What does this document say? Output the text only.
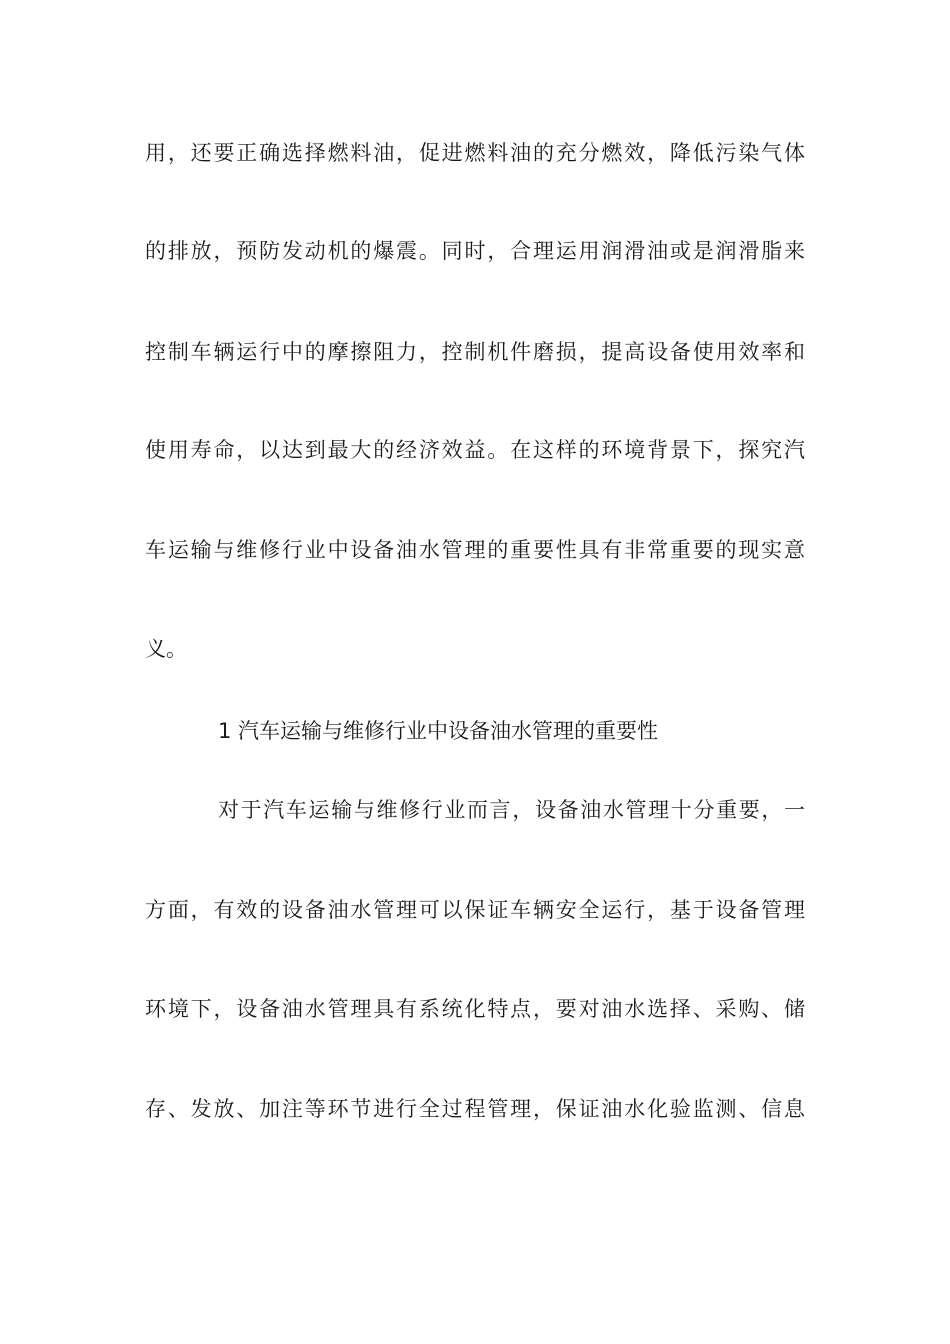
用，还要正确选择燃料油，促进燃料油的充分燃效，降低污染气体
的排放，预防发动机的爆震。同时，合理运用润滑油或是润滑脂来
控制车辆运行中的摩擦阻力，控制机件磨损，提高设备使用效率和
使用寿命，以达到最大的经济效益。在这样的环境背景下，探究汽
车运输与维修行业中设备油水管理的重要性具有非常重要的现实意
义。
1 汽车运输与维修行业中设备油水管理的重要性
对于汽车运输与维修行业而言，设备油水管理十分重要，一
方面，有效的设备油水管理可以保证车辆安全运行，基于设备管理
环境下，设备油水管理具有系统化特点，要对油水选择、采购、储
存、发放、加注等环节进行全过程管理，保证油水化验监测、信息
